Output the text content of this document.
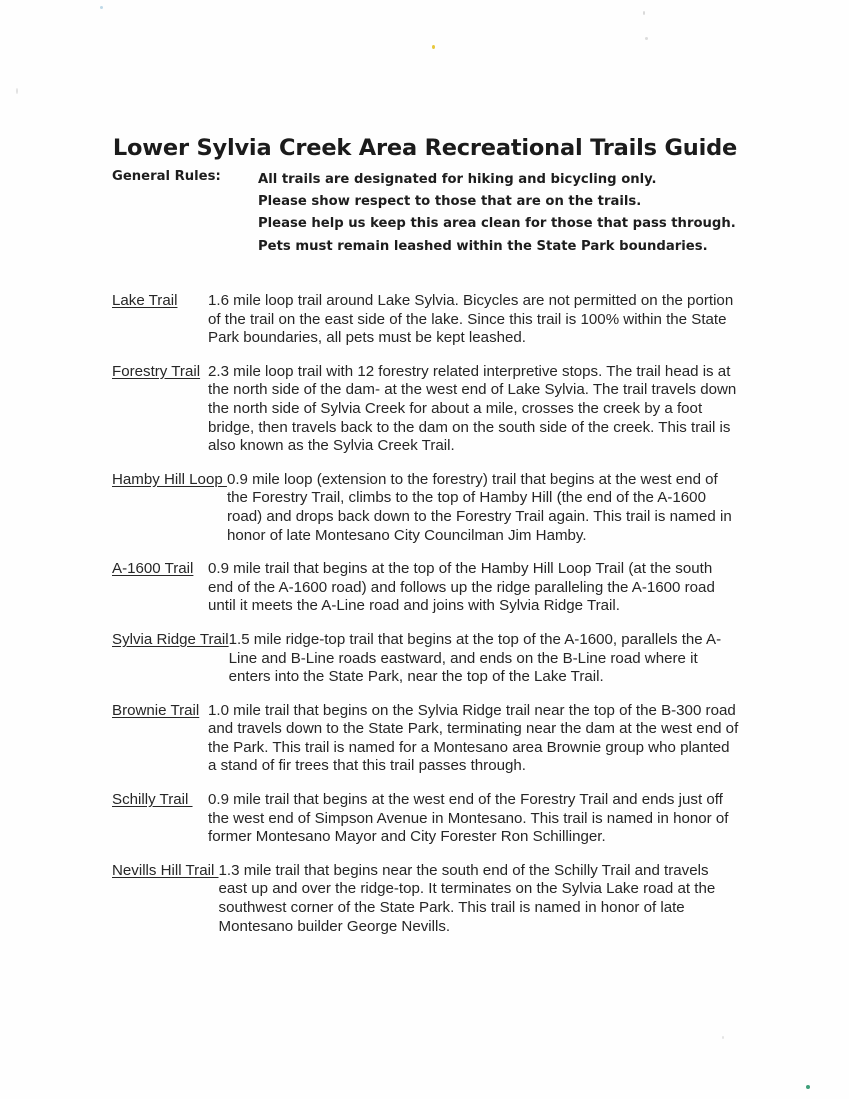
Lower Sylvia Creek Area Recreational Trails Guide
General Rules:	All trails are designated for hiking and bicycling only.
Please show respect to those that are on the trails.
Please help us keep this area clean for those that pass through.
Pets must remain leashed within the State Park boundaries.
Lake Trail	1.6 mile loop trail around Lake Sylvia. Bicycles are not permitted on the portion of the trail on the east side of the lake. Since this trail is 100% within the State Park boundaries, all pets must be kept leashed.
Forestry Trail 2.3 mile loop trail with 12 forestry related interpretive stops. The trail head is at the north side of the dam- at the west end of Lake Sylvia. The trail travels down the north side of Sylvia Creek for about a mile, crosses the creek by a foot bridge, then travels back to the dam on the south side of the creek. This trail is also known as the Sylvia Creek Trail.
Hamby Hill Loop 0.9 mile loop (extension to the forestry) trail that begins at the west end of the Forestry Trail, climbs to the top of Hamby Hill (the end of the A-1600 road) and drops back down to the Forestry Trail again. This trail is named in honor of late Montesano City Councilman Jim Hamby.
A-1600 Trail 0.9 mile trail that begins at the top of the Hamby Hill Loop Trail (at the south end of the A-1600 road) and follows up the ridge paralleling the A-1600 road until it meets the A-Line road and joins with Sylvia Ridge Trail.
Sylvia Ridge Trail 1.5 mile ridge-top trail that begins at the top of the A-1600, parallels the A-Line and B-Line roads eastward, and ends on the B-Line road where it enters into the State Park, near the top of the Lake Trail.
Brownie Trail 1.0 mile trail that begins on the Sylvia Ridge trail near the top of the B-300 road and travels down to the State Park, terminating near the dam at the west end of the Park. This trail is named for a Montesano area Brownie group who planted a stand of fir trees that this trail passes through.
Schilly Trail	0.9 mile trail that begins at the west end of the Forestry Trail and ends just off the west end of Simpson Avenue in Montesano. This trail is named in honor of former Montesano Mayor and City Forester Ron Schillinger.
Nevills Hill Trail 1.3 mile trail that begins near the south end of the Schilly Trail and travels east up and over the ridge-top. It terminates on the Sylvia Lake road at the southwest corner of the State Park. This trail is named in honor of late Montesano builder George Nevills.
